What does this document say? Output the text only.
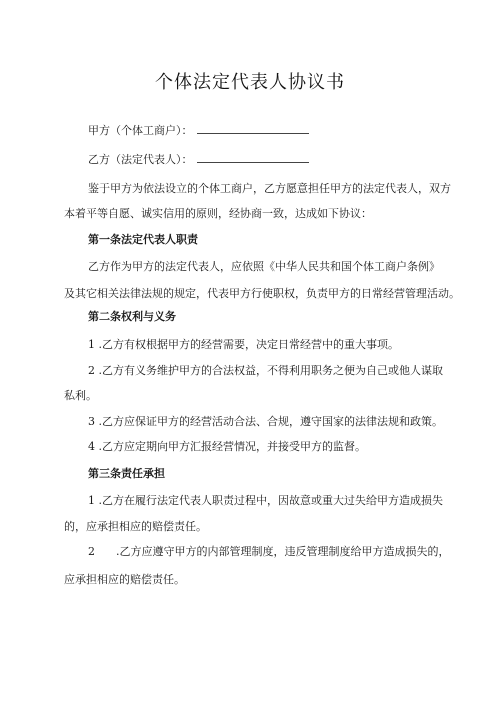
个体法定代表人协议书
甲方（个体工商户）：
乙方（法定代表人）：
鉴于甲方为依法设立的个体工商户，乙方愿意担任甲方的法定代表人，双方
本着平等自愿、诚实信用的原则，经协商一致，达成如下协议：
第一条法定代表人职责
乙方作为甲方的法定代表人，应依照《中华人民共和国个体工商户条例》
及其它相关法律法规的规定，代表甲方行使职权，负责甲方的日常经营管理活动。
第二条权利与义务
1 .乙方有权根据甲方的经营需要，决定日常经营中的重大事项。
2 .乙方有义务维护甲方的合法权益，不得利用职务之便为自己或他人谋取
私利。
3 .乙方应保证甲方的经营活动合法、合规，遵守国家的法律法规和政策。
4 .乙方应定期向甲方汇报经营情况，并接受甲方的监督。
第三条责任承担
1 .乙方在履行法定代表人职责过程中，因故意或重大过失给甲方造成损失
的，应承担相应的赔偿责任。
2 .乙方应遵守甲方的内部管理制度，违反管理制度给甲方造成损失的，
应承担相应的赔偿责任。
